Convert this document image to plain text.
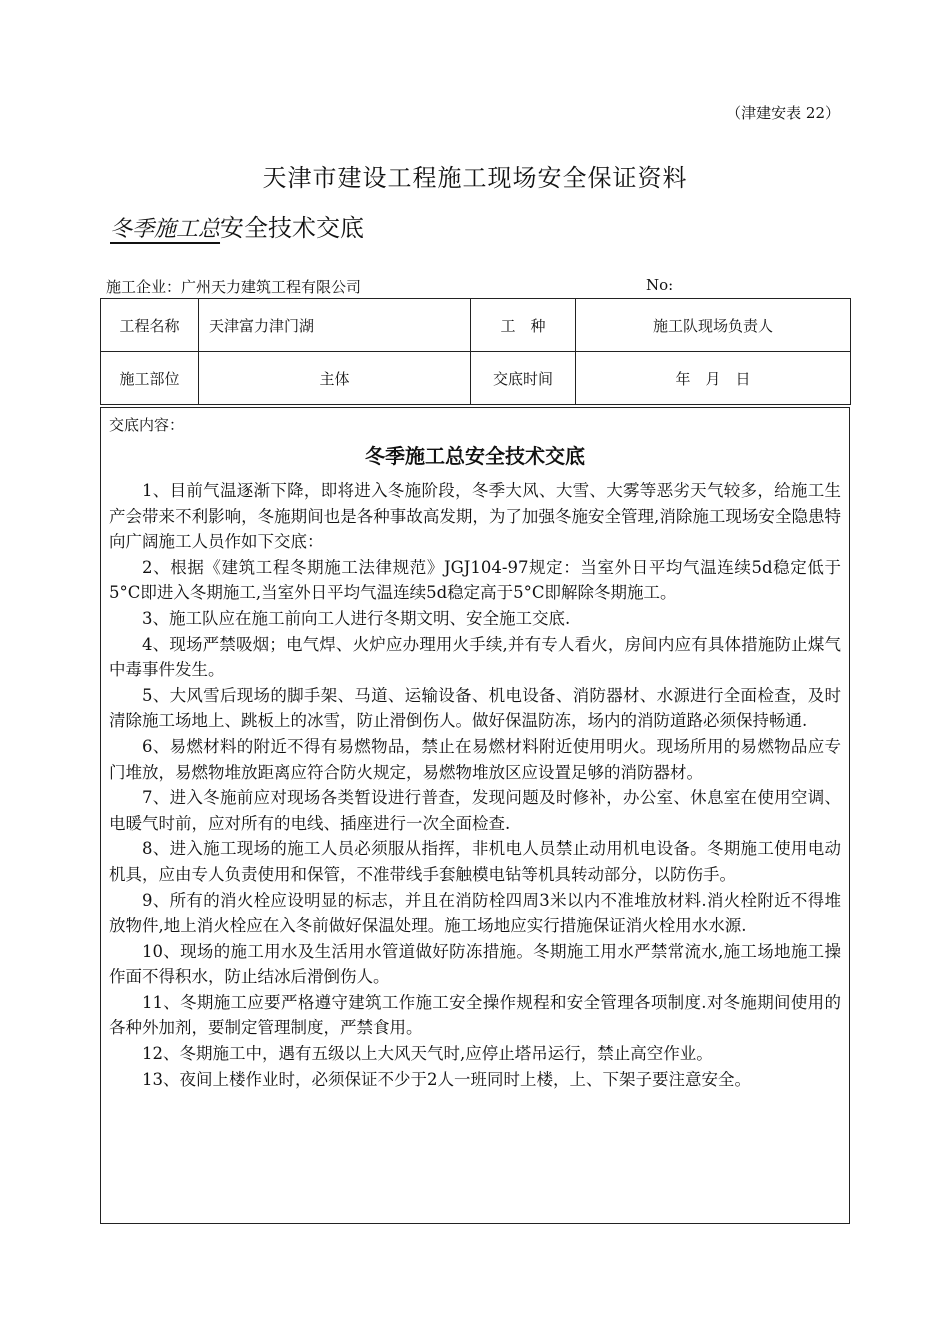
（津建安表 22）
天津市建设工程施工现场安全保证资料
冬季施工总安全技术交底
施工企业：广州天力建筑工程有限公司	No:
工程名称	天津富力津门湖	工　种	施工队现场负责人
施工部位	主体	交底时间	年　月　日
交底内容：
冬季施工总安全技术交底

1、目前气温逐渐下降，即将进入冬施阶段，冬季大风、大雪、大雾等恶劣天气较多，给施工生产会带来不利影响，冬施期间也是各种事故高发期，为了加强冬施安全管理,消除施工现场安全隐患特向广阔施工人员作如下交底：

2、根据《建筑工程冬期施工法律规范》JGJ104-97规定：当室外日平均气温连续5d稳定低于5°C即进入冬期施工,当室外日平均气温连续5d稳定高于5°C即解除冬期施工。

3、施工队应在施工前向工人进行冬期文明、安全施工交底.

4、现场严禁吸烟；电气焊、火炉应办理用火手续,并有专人看火，房间内应有具体措施防止煤气中毒事件发生。

5、大风雪后现场的脚手架、马道、运输设备、机电设备、消防器材、水源进行全面检查，及时清除施工场地上、跳板上的冰雪，防止滑倒伤人。做好保温防冻，场内的消防道路必须保持畅通.

6、易燃材料的附近不得有易燃物品，禁止在易燃材料附近使用明火。现场所用的易燃物品应专门堆放，易燃物堆放距离应符合防火规定，易燃物堆放区应设置足够的消防器材。

7、进入冬施前应对现场各类暂设进行普查，发现问题及时修补，办公室、休息室在使用空调、电暖气时前，应对所有的电线、插座进行一次全面检查.

8、进入施工现场的施工人员必须服从指挥，非机电人员禁止动用机电设备。冬期施工使用电动机具，应由专人负责使用和保管，不准带线手套触模电钻等机具转动部分，以防伤手。

9、所有的消火栓应设明显的标志，并且在消防栓四周3米以内不准堆放材料.消火栓附近不得堆放物件,地上消火栓应在入冬前做好保温处理。施工场地应实行措施保证消火栓用水水源.

10、现场的施工用水及生活用水管道做好防冻措施。冬期施工用水严禁常流水,施工场地施工操作面不得积水，防止结冰后滑倒伤人。

11、冬期施工应要严格遵守建筑工作施工安全操作规程和安全管理各项制度.对冬施期间使用的各种外加剂，要制定管理制度，严禁食用。

12、冬期施工中，遇有五级以上大风天气时,应停止塔吊运行，禁止高空作业。

13、夜间上楼作业时，必须保证不少于2人一班同时上楼，上、下架子要注意安全。
